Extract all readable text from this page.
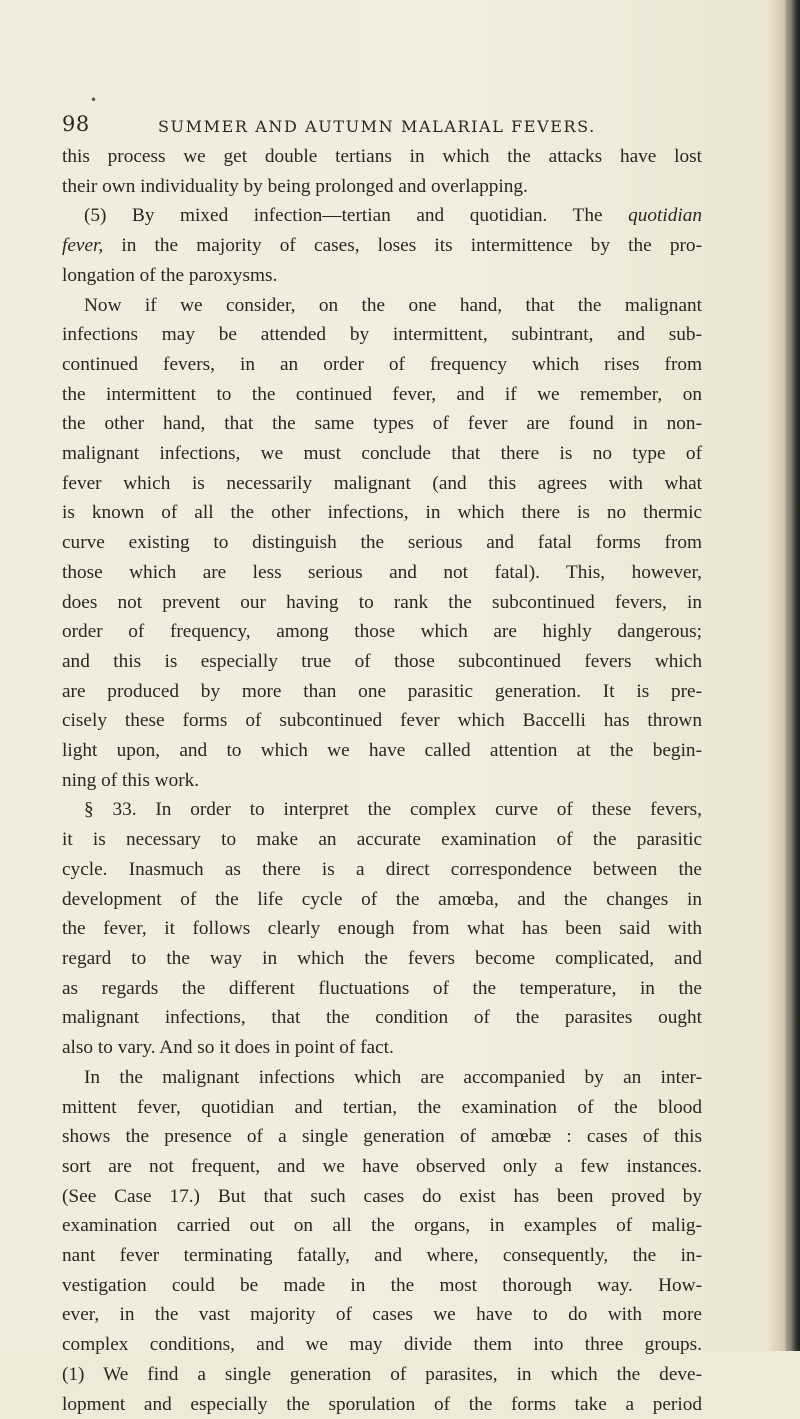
•
98	SUMMER AND AUTUMN MALARIAL FEVERS.
this process we get double tertians in which the attacks have lost
their own individuality by being prolonged and overlapping.
(5) By mixed infection—tertian and quotidian. The quotidian
fever, in the majority of cases, loses its intermittence by the pro-
longation of the paroxysms.
Now if we consider, on the one hand, that the malignant
infections may be attended by intermittent, subintrant, and sub-
continued fevers, in an order of frequency which rises from
the intermittent to the continued fever, and if we remember, on
the other hand, that the same types of fever are found in non-
malignant infections, we must conclude that there is no type of
fever which is necessarily malignant (and this agrees with what
is known of all the other infections, in which there is no thermic
curve existing to distinguish the serious and fatal forms from
those which are less serious and not fatal). This, however,
does not prevent our having to rank the subcontinued fevers, in
order of frequency, among those which are highly dangerous;
and this is especially true of those subcontinued fevers which
are produced by more than one parasitic generation. It is pre-
cisely these forms of subcontinued fever which Baccelli has thrown
light upon, and to which we have called attention at the begin-
ning of this work.
§ 33. In order to interpret the complex curve of these fevers,
it is necessary to make an accurate examination of the parasitic
cycle. Inasmuch as there is a direct correspondence between the
development of the life cycle of the amœba, and the changes in
the fever, it follows clearly enough from what has been said with
regard to the way in which the fevers become complicated, and
as regards the different fluctuations of the temperature, in the
malignant infections, that the condition of the parasites ought
also to vary. And so it does in point of fact.
In the malignant infections which are accompanied by an inter-
mittent fever, quotidian and tertian, the examination of the blood
shows the presence of a single generation of amœbæ : cases of this
sort are not frequent, and we have observed only a few instances.
(See Case 17.) But that such cases do exist has been proved by
examination carried out on all the organs, in examples of malig-
nant fever terminating fatally, and where, consequently, the in-
vestigation could be made in the most thorough way. How-
ever, in the vast majority of cases we have to do with more
complex conditions, and we may divide them into three groups.
(1) We find a single generation of parasites, in which the deve-
lopment and especially the sporulation of the forms take a period
